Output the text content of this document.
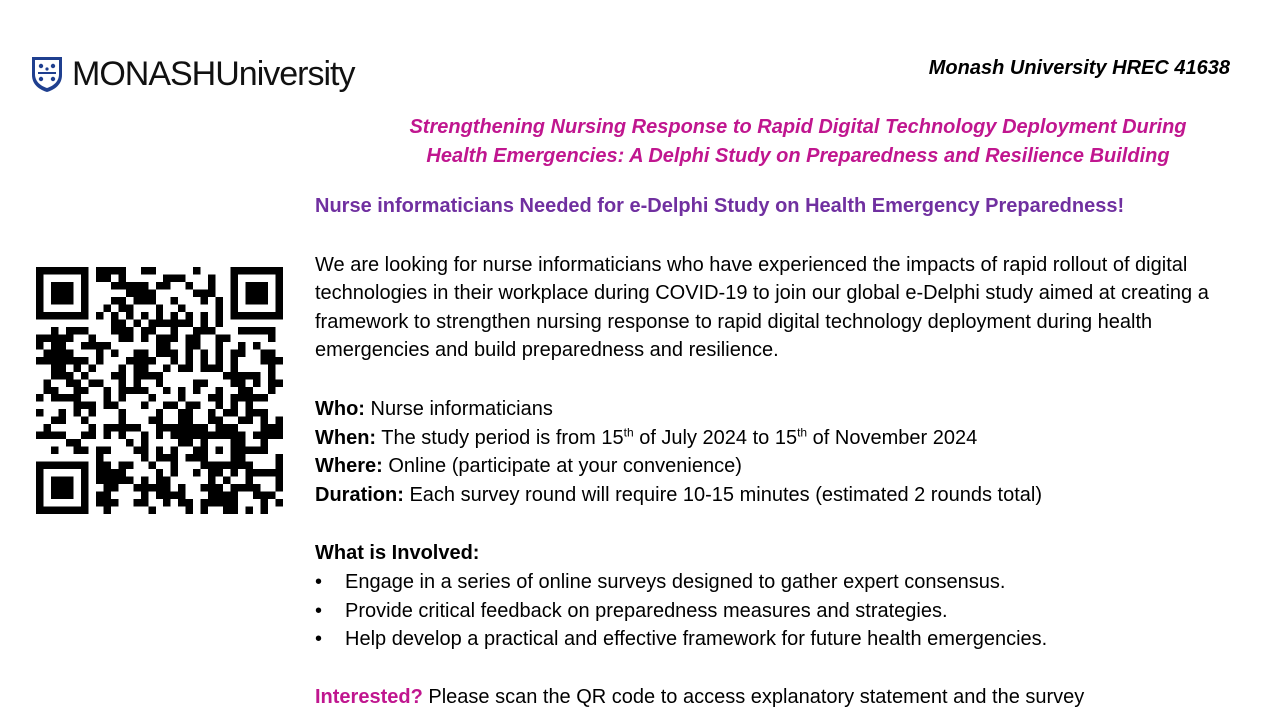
MONASHUniversity	Monash University HREC 41638
Strengthening Nursing Response to Rapid Digital Technology Deployment During
Health Emergencies: A Delphi Study on Preparedness and Resilience Building
Nurse informaticians Needed for e-Delphi Study on Health Emergency Preparedness!
We are looking for nurse informaticians who have experienced the impacts of rapid rollout of digital technologies in their workplace during COVID-19 to join our global e-Delphi study aimed at creating a framework to strengthen nursing response to rapid digital technology deployment during health emergencies and build preparedness and resilience.
Who: Nurse informaticians
When: The study period is from 15th of July 2024 to 15th of November 2024
Where: Online (participate at your convenience)
Duration: Each survey round will require 10-15 minutes (estimated 2 rounds total)
What is Involved:
• Engage in a series of online surveys designed to gather expert consensus.
• Provide critical feedback on preparedness measures and strategies.
• Help develop a practical and effective framework for future health emergencies.
Interested? Please scan the QR code to access explanatory statement and the survey
